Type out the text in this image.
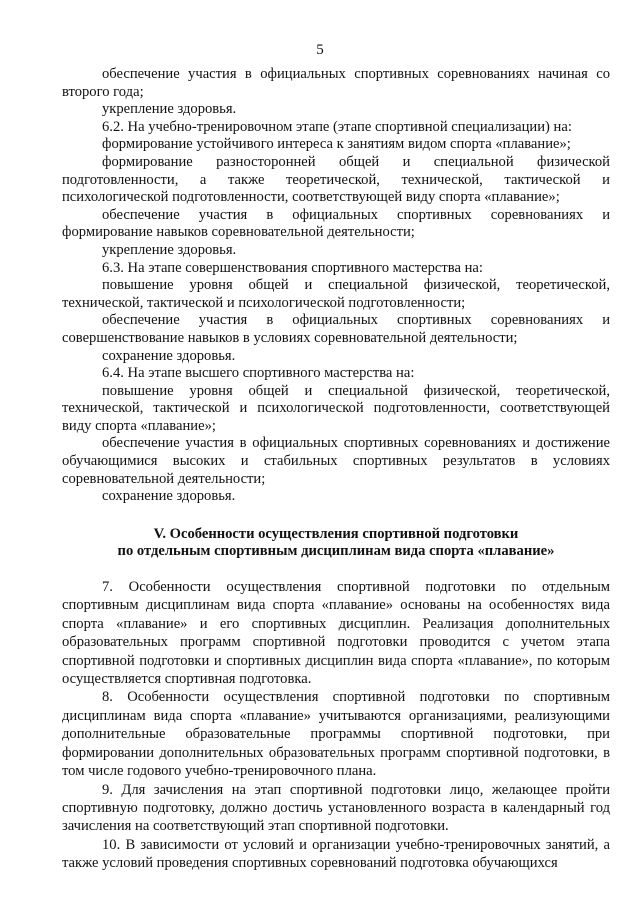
5

обеспечение участия в официальных спортивных соревнованиях начиная со второго года;

укрепление здоровья.

6.2. На учебно-тренировочном этапе (этапе спортивной специализации) на:

формирование устойчивого интереса к занятиям видом спорта «плавание»;

формирование разносторонней общей и специальной физической подготовленности, а также теоретической, технической, тактической и психологической подготовленности, соответствующей виду спорта «плавание»;

обеспечение участия в официальных спортивных соревнованиях и формирование навыков соревновательной деятельности;

укрепление здоровья.

6.3. На этапе совершенствования спортивного мастерства на:

повышение уровня общей и специальной физической, теоретической, технической, тактической и психологической подготовленности;

обеспечение участия в официальных спортивных соревнованиях и совершенствование навыков в условиях соревновательной деятельности;

сохранение здоровья.

6.4. На этапе высшего спортивного мастерства на:

повышение уровня общей и специальной физической, теоретической, технической, тактической и психологической подготовленности, соответствующей виду спорта «плавание»;

обеспечение участия в официальных спортивных соревнованиях и достижение обучающимися высоких и стабильных спортивных результатов в условиях соревновательной деятельности;

сохранение здоровья.

V. Особенности осуществления спортивной подготовки
по отдельным спортивным дисциплинам вида спорта «плавание»

7. Особенности осуществления спортивной подготовки по отдельным спортивным дисциплинам вида спорта «плавание» основаны на особенностях вида спорта «плавание» и его спортивных дисциплин. Реализация дополнительных образовательных программ спортивной подготовки проводится с учетом этапа спортивной подготовки и спортивных дисциплин вида спорта «плавание», по которым осуществляется спортивная подготовка.

8. Особенности осуществления спортивной подготовки по спортивным дисциплинам вида спорта «плавание» учитываются организациями, реализующими дополнительные образовательные программы спортивной подготовки, при формировании дополнительных образовательных программ спортивной подготовки, в том числе годового учебно-тренировочного плана.

9. Для зачисления на этап спортивной подготовки лицо, желающее пройти спортивную подготовку, должно достичь установленного возраста в календарный год зачисления на соответствующий этап спортивной подготовки.

10. В зависимости от условий и организации учебно-тренировочных занятий, а также условий проведения спортивных соревнований подготовка обучающихся
